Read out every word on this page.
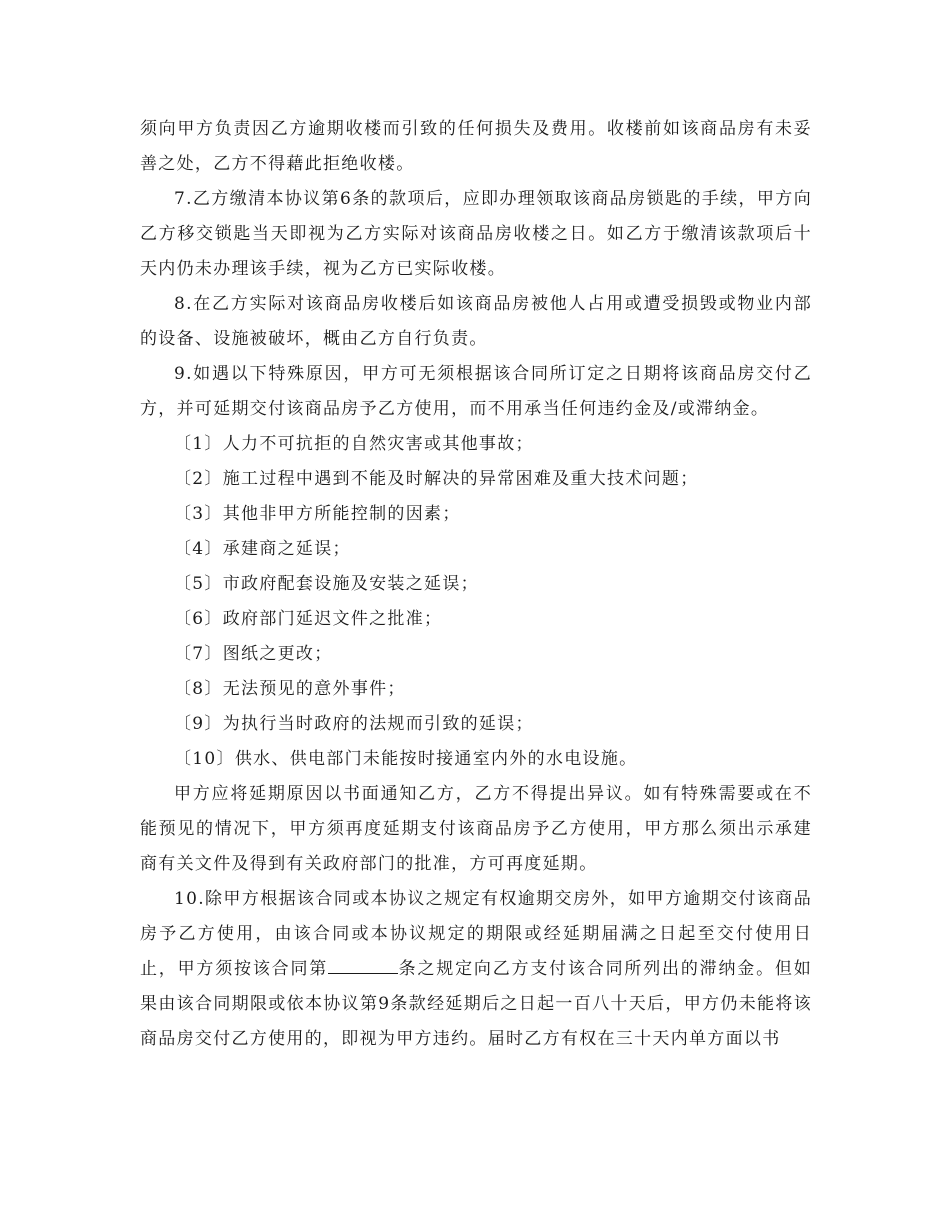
须向甲方负责因乙方逾期收楼而引致的任何损失及费用。收楼前如该商品房有未妥善之处，乙方不得藉此拒绝收楼。

7.乙方缴清本协议第6条的款项后，应即办理领取该商品房锁匙的手续，甲方向乙方移交锁匙当天即视为乙方实际对该商品房收楼之日。如乙方于缴清该款项后十天内仍未办理该手续，视为乙方已实际收楼。

8.在乙方实际对该商品房收楼后如该商品房被他人占用或遭受损毁或物业内部的设备、设施被破坏，概由乙方自行负责。

9.如遇以下特殊原因，甲方可无须根据该合同所订定之日期将该商品房交付乙方，并可延期交付该商品房予乙方使用，而不用承当任何违约金及/或滞纳金。

〔1〕人力不可抗拒的自然灾害或其他事故；

〔2〕施工过程中遇到不能及时解决的异常困难及重大技术问题；

〔3〕其他非甲方所能控制的因素；

〔4〕承建商之延误；

〔5〕市政府配套设施及安装之延误；

〔6〕政府部门延迟文件之批准；

〔7〕图纸之更改；

〔8〕无法预见的意外事件；

〔9〕为执行当时政府的法规而引致的延误；

〔10〕供水、供电部门未能按时接通室内外的水电设施。

甲方应将延期原因以书面通知乙方，乙方不得提出异议。如有特殊需要或在不能预见的情况下，甲方须再度延期支付该商品房予乙方使用，甲方那么须出示承建商有关文件及得到有关政府部门的批准，方可再度延期。

10.除甲方根据该合同或本协议之规定有权逾期交房外，如甲方逾期交付该商品房予乙方使用，由该合同或本协议规定的期限或经延期届满之日起至交付使用日止，甲方须按该合同第	条之规定向乙方支付该合同所列出的滞纳金。但如果由该合同期限或依本协议第9条款经延期后之日起一百八十天后，甲方仍未能将该商品房交付乙方使用的，即视为甲方违约。届时乙方有权在三十天内单方面以书
